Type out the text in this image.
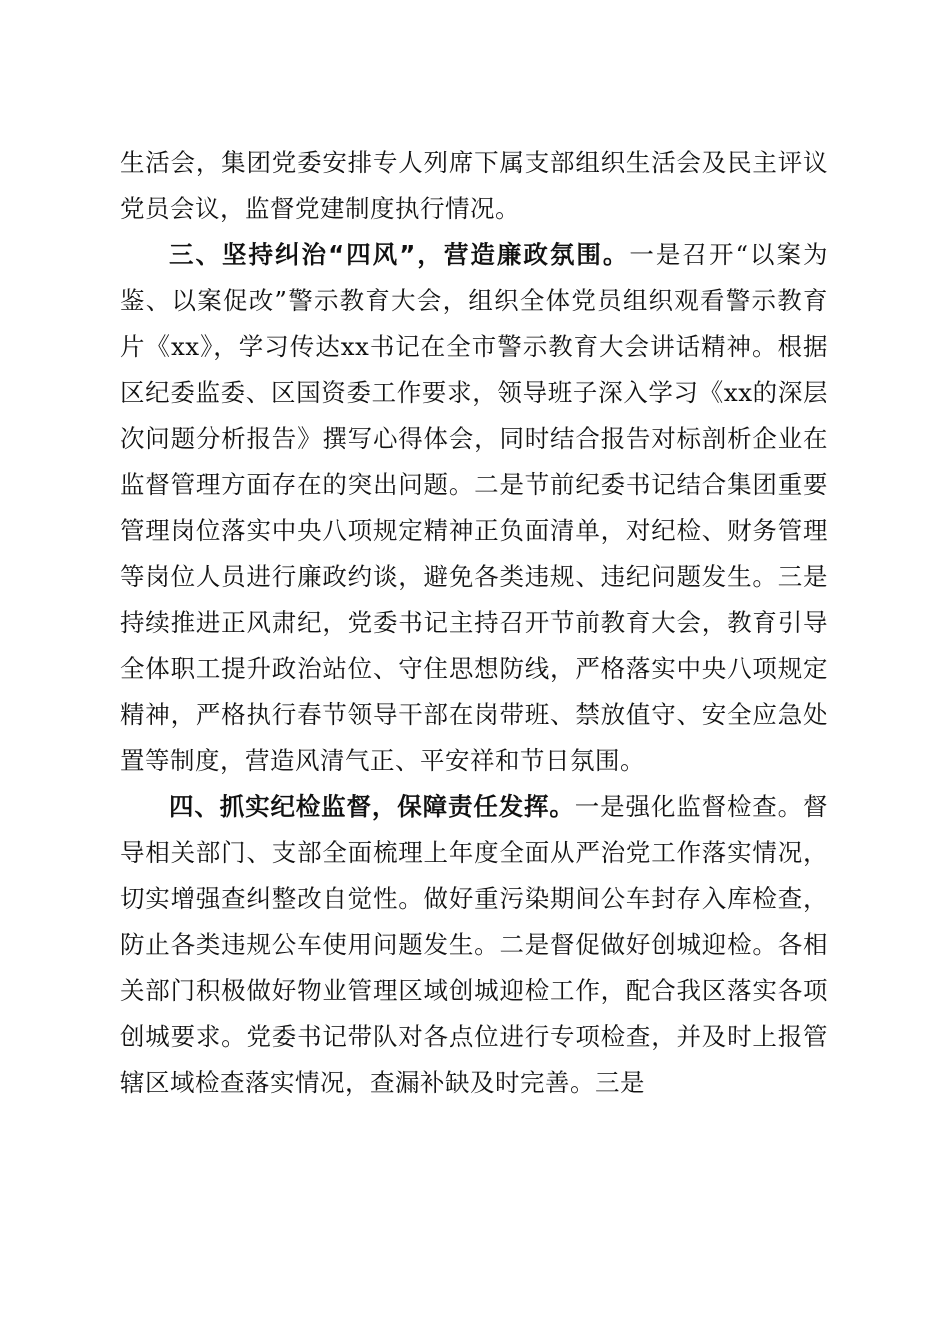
生活会，集团党委安排专人列席下属支部组织生活会及民主评议党员会议，监督党建制度执行情况。

三、坚持纠治“四风”，营造廉政氛围。一是召开“以案为鉴、以案促改”警示教育大会，组织全体党员组织观看警示教育片《xx》，学习传达xx书记在全市警示教育大会讲话精神。根据区纪委监委、区国资委工作要求，领导班子深入学习《xx的深层次问题分析报告》撰写心得体会，同时结合报告对标剖析企业在监督管理方面存在的突出问题。二是节前纪委书记结合集团重要管理岗位落实中央八项规定精神正负面清单，对纪检、财务管理等岗位人员进行廉政约谈，避免各类违规、违纪问题发生。三是持续推进正风肃纪，党委书记主持召开节前教育大会，教育引导全体职工提升政治站位、守住思想防线，严格落实中央八项规定精神，严格执行春节领导干部在岗带班、禁放值守、安全应急处置等制度，营造风清气正、平安祥和节日氛围。

四、抓实纪检监督，保障责任发挥。一是强化监督检查。督导相关部门、支部全面梳理上年度全面从严治党工作落实情况，切实增强查纠整改自觉性。做好重污染期间公车封存入库检查，防止各类违规公车使用问题发生。二是督促做好创城迎检。各相关部门积极做好物业管理区域创城迎检工作，配合我区落实各项创城要求。党委书记带队对各点位进行专项检查，并及时上报管辖区域检查落实情况，查漏补缺及时完善。三是
